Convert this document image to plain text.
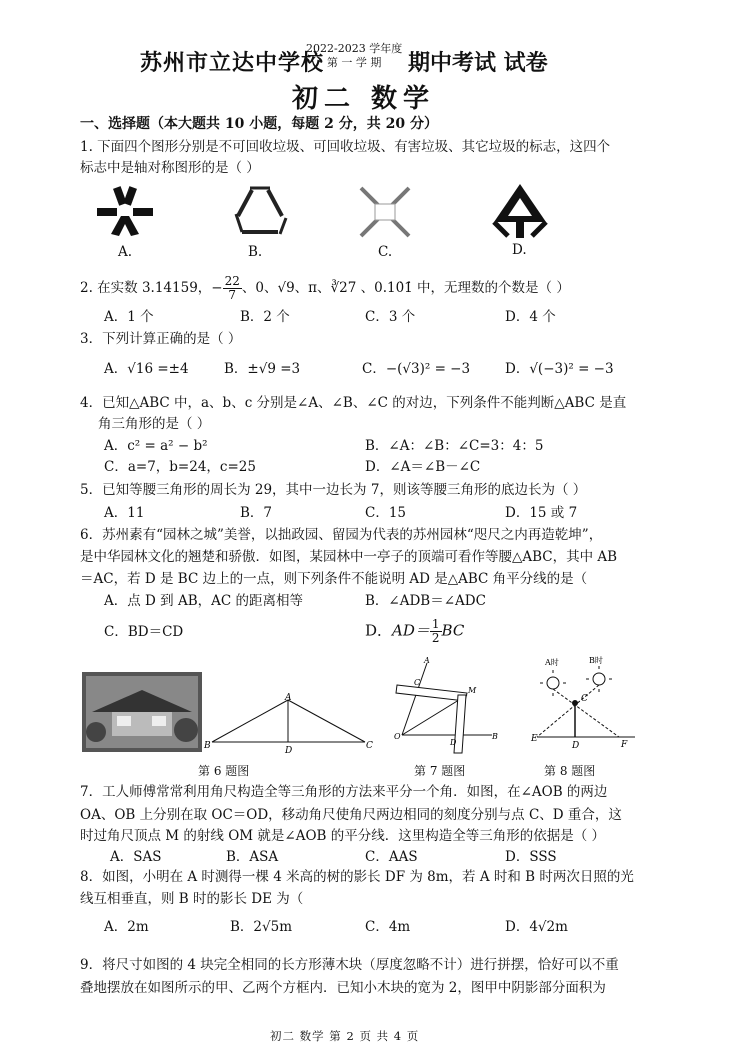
苏州市立达中学校
2022-2023 学年度
第 一 学 期	期中考试 试卷
初二 数学
一、选择题（本大题共 10 小题，每题 2 分，共 20 分）
1. 下面四个图形分别是不可回收垃圾、可回收垃圾、有害垃圾、其它垃圾的标志，这四个
标志中是轴对称图形的是（ ）
A.	B.	C.	D.
2. 在实数 3.14159，− $\frac{22}{7}$ 、0、√9、π、∛27 、0.10̇1̇ 中，无理数的个数是（ ）
A．1 个	B．2 个	C．3 个	D．4 个
3．下列计算正确的是（ ）
A．√16 =±4	B．±√9 =3	C．−(√3)² = −3	D．√(−3)² = −3
4．已知△ABC 中，a、b、c 分别是∠A、∠B、∠C 的对边，下列条件不能判断△ABC 是直
角三角形的是（ ）
A．c² = a² − b²	B．∠A：∠B：∠C=3：4：5
C．a=7，b=24，c=25	D．∠A＝∠B－∠C
5．已知等腰三角形的周长为 29，其中一边长为 7，则该等腰三角形的底边长为（ ）
A．11	B．7	C．15	D．15 或 7
6．苏州素有“园林之城”美誉，以拙政园、留园为代表的苏州园林“咫尺之内再造乾坤”，
是中华园林文化的翘楚和骄傲．如图，某园林中一亭子的顶端可看作等腰△ABC，其中 AB
＝AC，若 D 是 BC 边上的一点，则下列条件不能说明 AD 是△ABC 角平分线的是（
A．点 D 到 AB，AC 的距离相等	B．∠ADB＝∠ADC
C．BD＝CD	D．$AD= \frac{1}{2}$ BC
A
B	D	C
A
M
O	B
C
D
A时	B时
C
E
D	F
第 6 题图	第 7 题图	第 8 题图
7．工人师傅常常利用角尺构造全等三角形的方法来平分一个角．如图，在∠AOB 的两边
OA、OB 上分别在取 OC＝OD，移动角尺使角尺两边相同的刻度分别与点 C、D 重合，这
时过角尺顶点 M 的射线 OM 就是∠AOB 的平分线．这里构造全等三角形的依据是（ ）
A．SAS	B．ASA	C．AAS	D．SSS
8．如图，小明在 A 时测得一棵 4 米高的树的影长 DF 为 8m，若 A 时和 B 时两次日照的光
线互相垂直，则 B 时的影长 DE 为（
A．2m	B．2√5m	C．4m	D．4√2m
9．将尺寸如图的 4 块完全相同的长方形薄木块（厚度忽略不计）进行拼摆，恰好可以不重
叠地摆放在如图所示的甲、乙两个方框内．已知小木块的宽为 2，图甲中阴影部分面积为
初二 数学 第 2 页 共 4 页
